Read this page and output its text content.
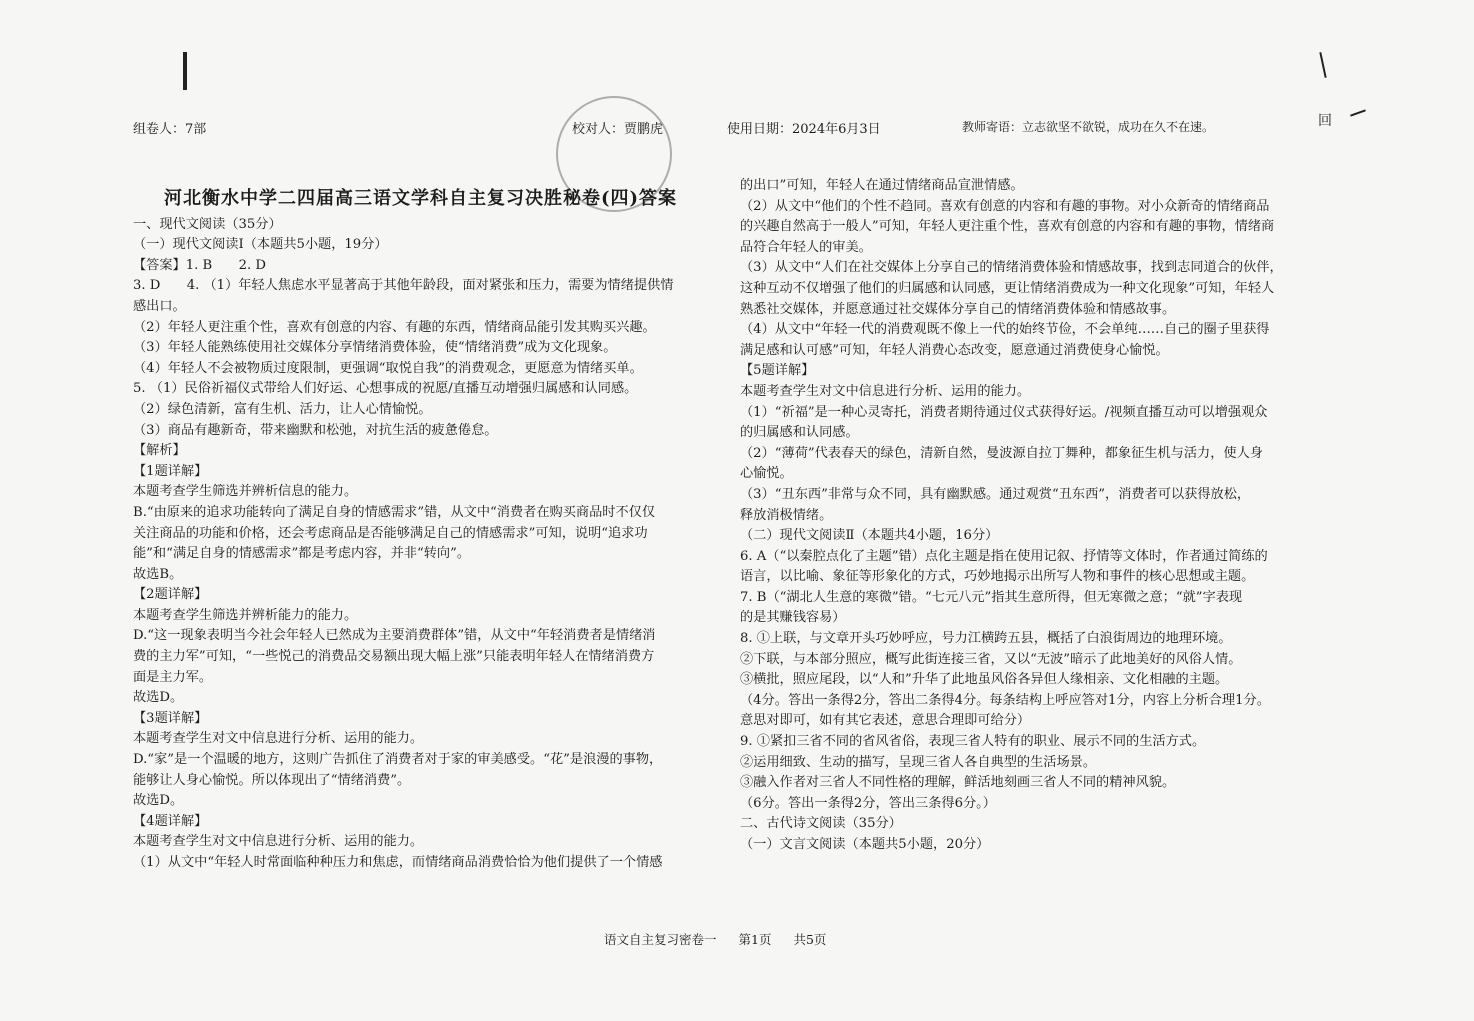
组卷人：7部	校对人：贾鹏虎	使用日期：2024年6月3日	教师寄语：立志欲坚不欲锐，成功在久不在速。	回
河北衡水中学二四届高三语文学科自主复习决胜秘卷(四)答案

一、现代文阅读（35分）

（一）现代文阅读Ⅰ（本题共5小题，19分）

【答案】1. B　　2. D

3. D　　4. （1）年轻人焦虑水平显著高于其他年龄段，面对紧张和压力，需要为情绪提供情

感出口。

（2）年轻人更注重个性，喜欢有创意的内容、有趣的东西，情绪商品能引发其购买兴趣。

（3）年轻人能熟练使用社交媒体分享情绪消费体验，使“情绪消费”成为文化现象。

（4）年轻人不会被物质过度限制，更强调“取悦自我”的消费观念，更愿意为情绪买单。

5. （1）民俗祈福仪式带给人们好运、心想事成的祝愿/直播互动增强归属感和认同感。

（2）绿色清新，富有生机、活力，让人心情愉悦。

（3）商品有趣新奇，带来幽默和松弛，对抗生活的疲惫倦怠。

【解析】

【1题详解】

本题考查学生筛选并辨析信息的能力。

B.“由原来的追求功能转向了满足自身的情感需求”错，从文中“消费者在购买商品时不仅仅

关注商品的功能和价格，还会考虑商品是否能够满足自己的情感需求”可知，说明“追求功

能”和“满足自身的情感需求”都是考虑内容，并非“转向”。

故选B。

【2题详解】

本题考查学生筛选并辨析能力的能力。

D.“这一现象表明当今社会年轻人已然成为主要消费群体”错，从文中“年轻消费者是情绪消

费的主力军”可知，“一些悦己的消费品交易额出现大幅上涨”只能表明年轻人在情绪消费方

面是主力军。

故选D。

【3题详解】

本题考查学生对文中信息进行分析、运用的能力。

D.“家”是一个温暖的地方，这则广告抓住了消费者对于家的审美感受。“花”是浪漫的事物，

能够让人身心愉悦。所以体现出了“情绪消费”。

故选D。

【4题详解】

本题考查学生对文中信息进行分析、运用的能力。

（1）从文中“年轻人时常面临种种压力和焦虑，而情绪商品消费恰恰为他们提供了一个情感

的出口”可知，年轻人在通过情绪商品宣泄情感。

（2）从文中“他们的个性不趋同。喜欢有创意的内容和有趣的事物。对小众新奇的情绪商品

的兴趣自然高于一般人”可知，年轻人更注重个性，喜欢有创意的内容和有趣的事物，情绪商

品符合年轻人的审美。

（3）从文中“人们在社交媒体上分享自己的情绪消费体验和情感故事，找到志同道合的伙伴，

这种互动不仅增强了他们的归属感和认同感，更让情绪消费成为一种文化现象”可知，年轻人

熟悉社交媒体，并愿意通过社交媒体分享自己的情绪消费体验和情感故事。

（4）从文中“年轻一代的消费观既不像上一代的始终节俭，不会单纯……自己的圈子里获得

满足感和认可感”可知，年轻人消费心态改变，愿意通过消费使身心愉悦。

【5题详解】

本题考查学生对文中信息进行分析、运用的能力。

（1）“祈福”是一种心灵寄托，消费者期待通过仪式获得好运。/视频直播互动可以增强观众

的归属感和认同感。

（2）“薄荷”代表春天的绿色，清新自然，曼波源自拉丁舞种，都象征生机与活力，使人身

心愉悦。

（3）“丑东西”非常与众不同，具有幽默感。通过观赏“丑东西”，消费者可以获得放松，

释放消极情绪。

（二）现代文阅读Ⅱ（本题共4小题，16分）

6. A（“以秦腔点化了主题”错）点化主题是指在使用记叙、抒情等文体时，作者通过简练的

语言，以比喻、象征等形象化的方式，巧妙地揭示出所写人物和事件的核心思想或主题。

7. B（“湖北人生意的寒微”错。“七元八元”指其生意所得，但无寒微之意；“就”字表现

的是其赚钱容易）

8. ①上联，与文章开头巧妙呼应，号力江横跨五县，概括了白浪街周边的地理环境。

②下联，与本部分照应，概写此街连接三省，又以“无波”暗示了此地美好的风俗人情。

③横批，照应尾段，以“人和”升华了此地虽风俗各异但人缘相亲、文化相融的主题。

（4分。答出一条得2分，答出二条得4分。每条结构上呼应答对1分，内容上分析合理1分。

意思对即可，如有其它表述，意思合理即可给分）

9. ①紧扣三省不同的省风省俗，表现三省人特有的职业、展示不同的生活方式。

②运用细致、生动的描写，呈现三省人各自典型的生活场景。

③融入作者对三省人不同性格的理解，鲜活地刻画三省人不同的精神风貌。

（6分。答出一条得2分，答出三条得6分。）

二、古代诗文阅读（35分）

（一）文言文阅读（本题共5小题，20分）

语文自主复习密卷一 第1页 共5页
